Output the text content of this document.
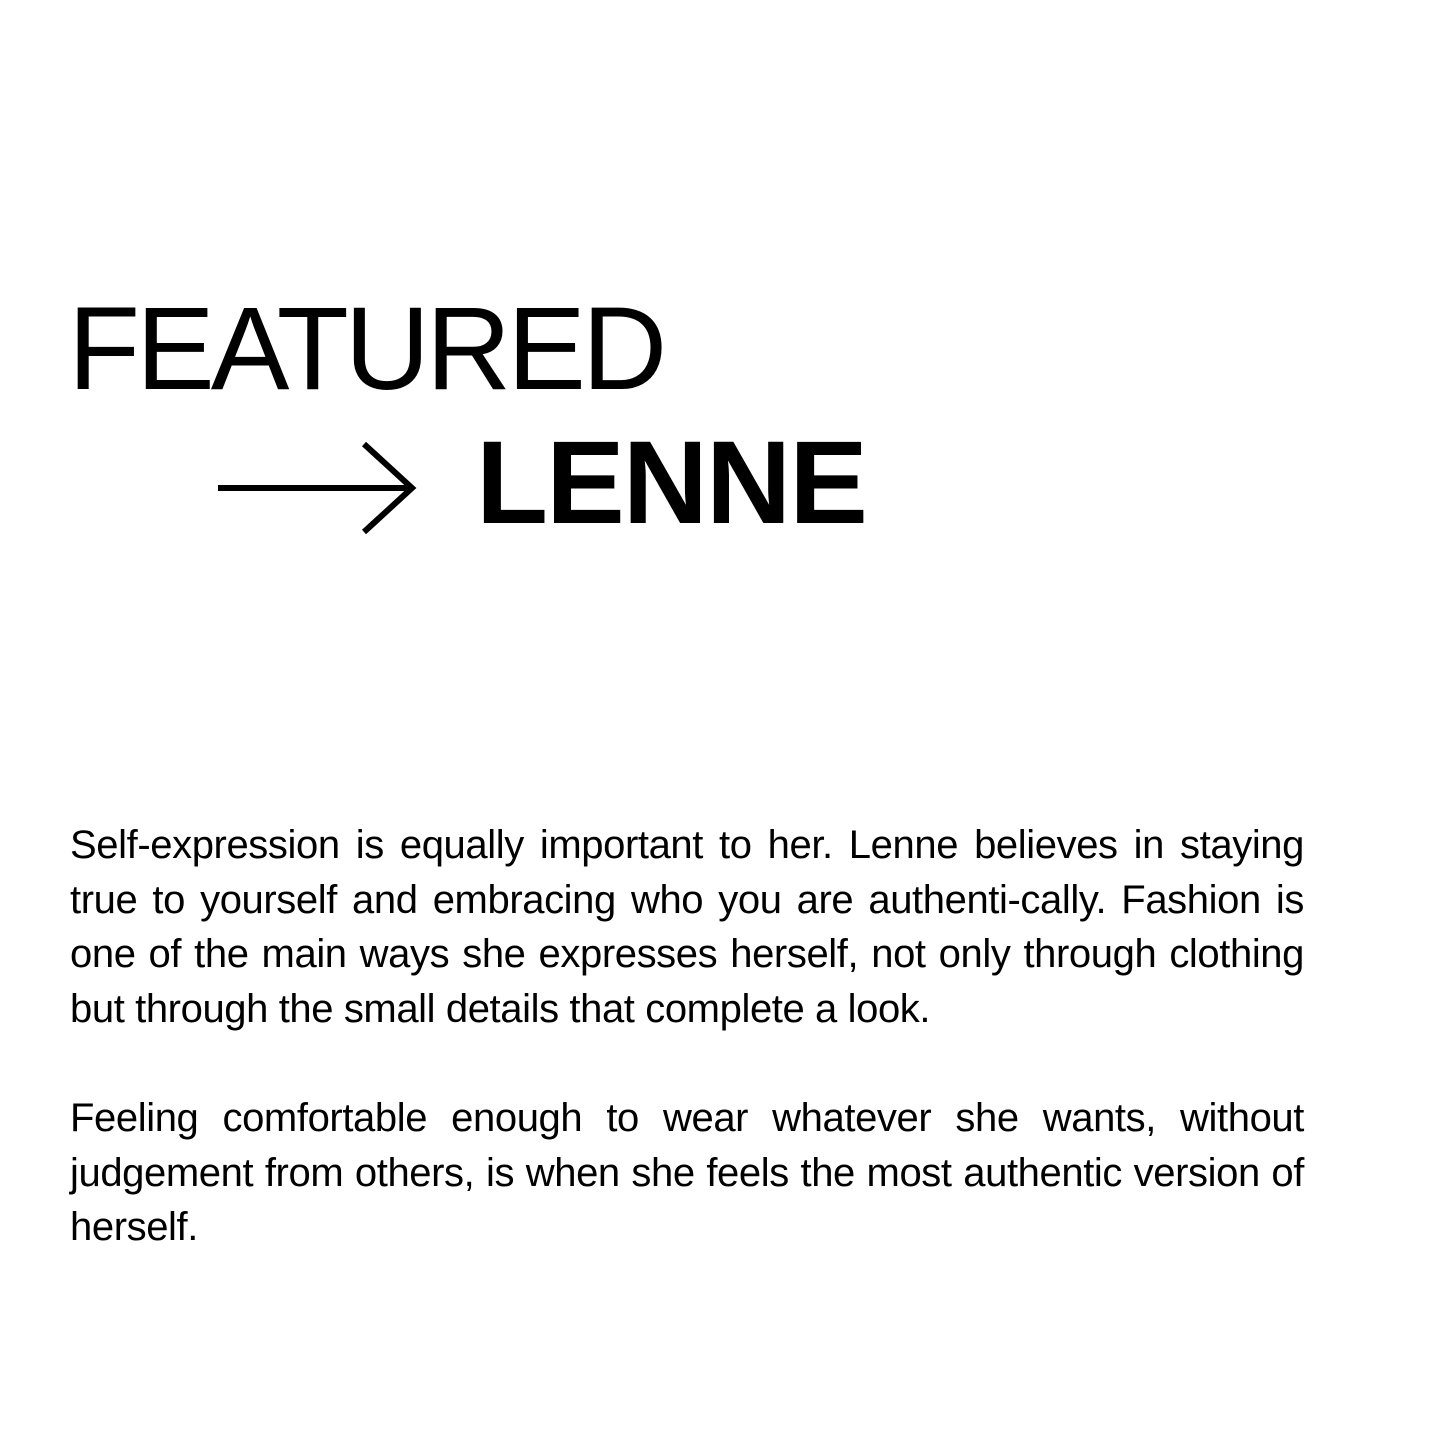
FEATURED
LENNE

Self-expression is equally important to her. Lenne believes in staying true to yourself and embracing who you are authenti-cally. Fashion is one of the main ways she expresses herself, not only through clothing but through the small details that complete a look.

Feeling comfortable enough to wear whatever she wants, without judgement from others, is when she feels the most authentic version of herself.
